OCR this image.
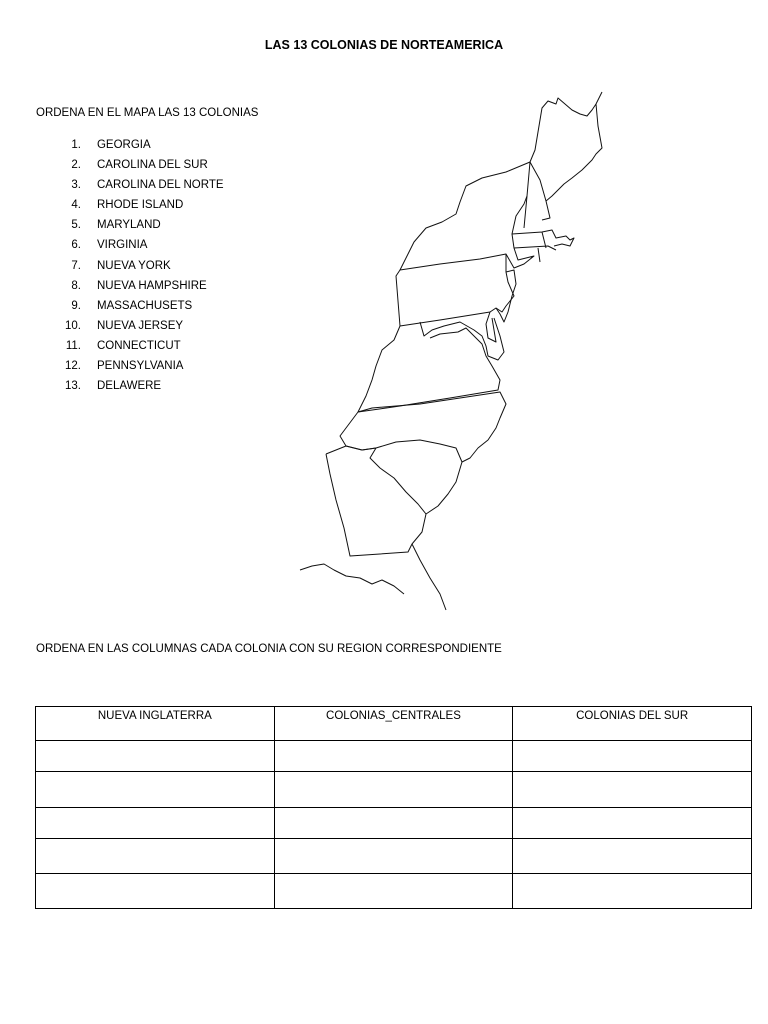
LAS 13 COLONIAS DE NORTEAMERICA
ORDENA EN EL MAPA LAS 13 COLONIAS
1.
GEORGIA
2.
CAROLINA DEL SUR
3.
CAROLINA DEL NORTE
4.
RHODE ISLAND
5.
MARYLAND
6.
VIRGINIA
7.
NUEVA YORK
8.
NUEVA HAMPSHIRE
9.
MASSACHUSETS
10.
NUEVA JERSEY
11.
CONNECTICUT
12.
PENNSYLVANIA
13.
DELAWERE
ORDENA EN LAS COLUMNAS CADA COLONIA CON SU REGION CORRESPONDIENTE
NUEVA INGLATERRA	COLONIAS_CENTRALES	COLONIAS DEL SUR
